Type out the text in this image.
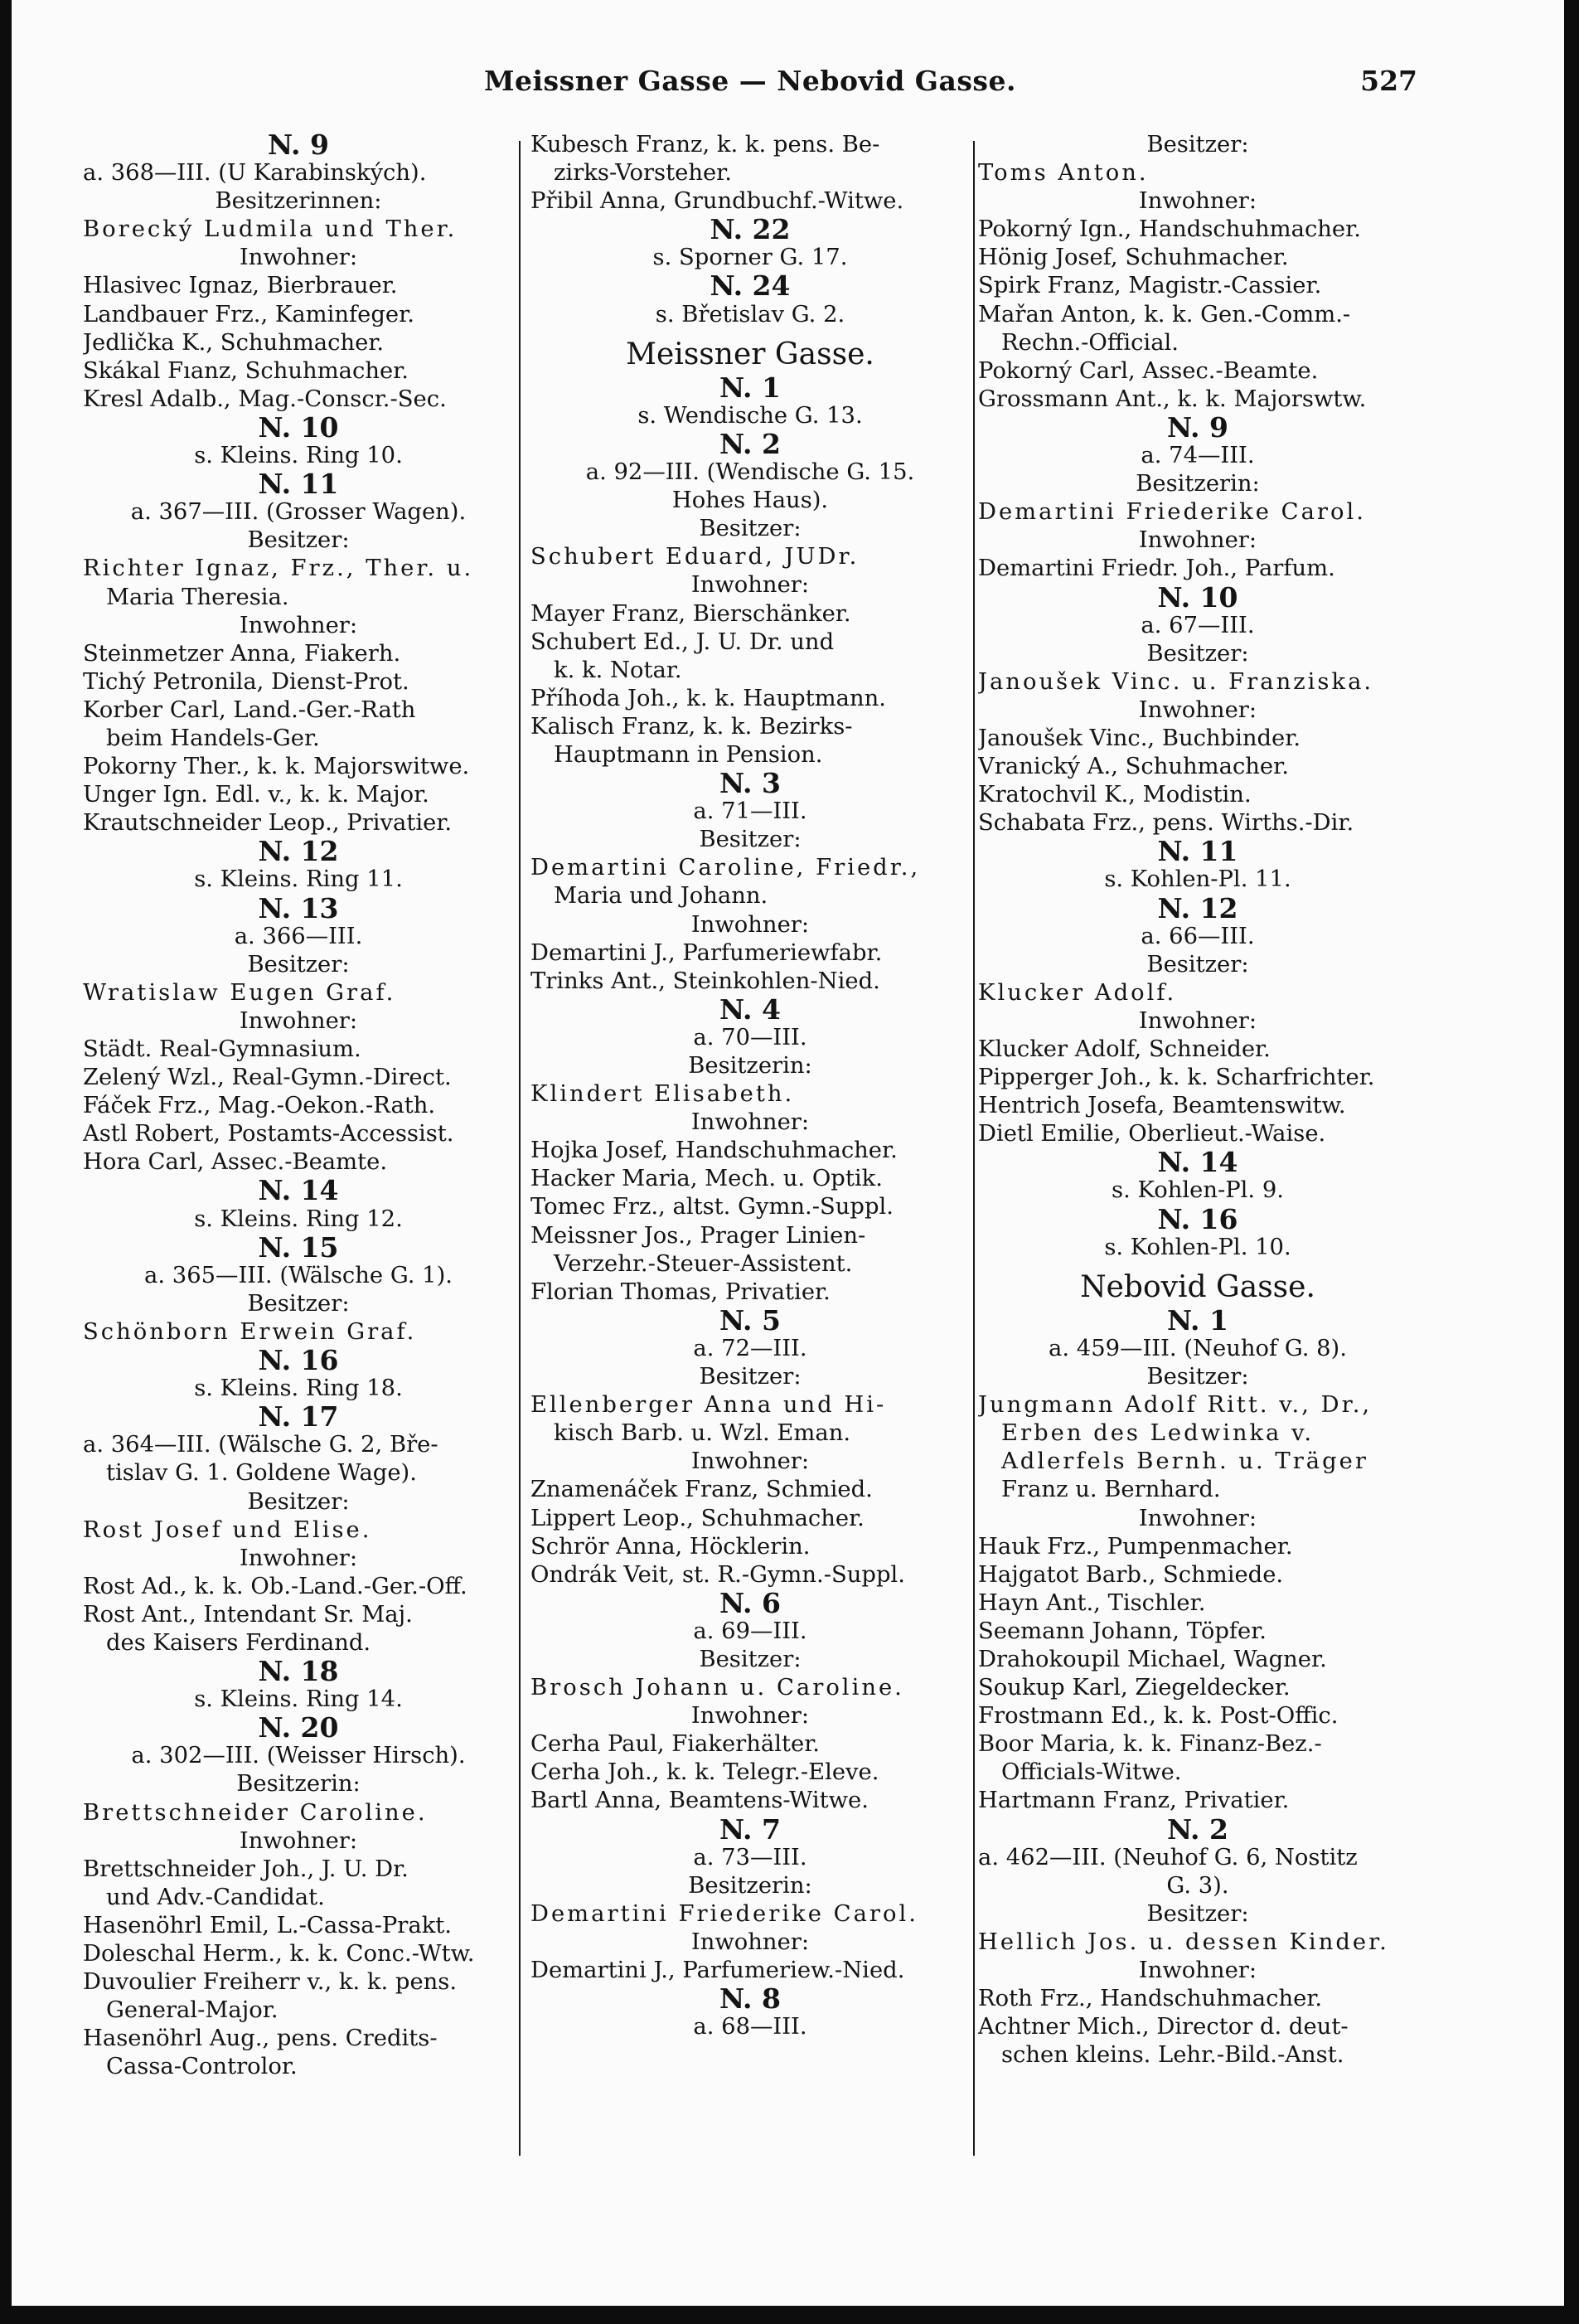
Meissner Gasse — Nebovid Gasse.	527
N. 9
a. 368—III. (U Karabinských).
Besitzerinnen:
Borecký Ludmila und Ther.
Inwohner:
Hlasivec Ignaz, Bierbrauer.
Landbauer Frz., Kaminfeger.
Jedlička K., Schuhmacher.
Skákal Fıanz, Schuhmacher.
Kresl Adalb., Mag.-Conscr.-Sec.
N. 10
s. Kleins. Ring 10.
N. 11
a. 367—III. (Grosser Wagen).
Besitzer:
Richter Ignaz, Frz., Ther. u.
Maria Theresia.
Inwohner:
Steinmetzer Anna, Fiakerh.
Tichý Petronila, Dienst-Prot.
Korber Carl, Land.-Ger.-Rath
beim Handels-Ger.
Pokorny Ther., k. k. Majorswitwe.
Unger Ign. Edl. v., k. k. Major.
Krautschneider Leop., Privatier.
N. 12
s. Kleins. Ring 11.
N. 13
a. 366—III.
Besitzer:
Wratislaw Eugen Graf.
Inwohner:
Städt. Real-Gymnasium.
Zelený Wzl., Real-Gymn.-Direct.
Fáček Frz., Mag.-Oekon.-Rath.
Astl Robert, Postamts-Accessist.
Hora Carl, Assec.-Beamte.
N. 14
s. Kleins. Ring 12.
N. 15
a. 365—III. (Wälsche G. 1).
Besitzer:
Schönborn Erwein Graf.
N. 16
s. Kleins. Ring 18.
N. 17
a. 364—III. (Wälsche G. 2, Bře-
tislav G. 1. Goldene Wage).
Besitzer:
Rost Josef und Elise.
Inwohner:
Rost Ad., k. k. Ob.-Land.-Ger.-Off.
Rost Ant., Intendant Sr. Maj.
des Kaisers Ferdinand.
N. 18
s. Kleins. Ring 14.
N. 20
a. 302—III. (Weisser Hirsch).
Besitzerin:
Brettschneider Caroline.
Inwohner:
Brettschneider Joh., J. U. Dr.
und Adv.-Candidat.
Hasenöhrl Emil, L.-Cassa-Prakt.
Doleschal Herm., k. k. Conc.-Wtw.
Duvoulier Freiherr v., k. k. pens.
General-Major.
Hasenöhrl Aug., pens. Credits-
Cassa-Controlor.
Kubesch Franz, k. k. pens. Be-
zirks-Vorsteher.
Přibil Anna, Grundbuchf.-Witwe.
N. 22
s. Sporner G. 17.
N. 24
s. Břetislav G. 2.
Meissner Gasse.
N. 1
s. Wendische G. 13.
N. 2
a. 92—III. (Wendische G. 15.
Hohes Haus).
Besitzer:
Schubert Eduard, JUDr.
Inwohner:
Mayer Franz, Bierschänker.
Schubert Ed., J. U. Dr. und
k. k. Notar.
Příhoda Joh., k. k. Hauptmann.
Kalisch Franz, k. k. Bezirks-
Hauptmann in Pension.
N. 3
a. 71—III.
Besitzer:
Demartini Caroline, Friedr.,
Maria und Johann.
Inwohner:
Demartini J., Parfumeriewfabr.
Trinks Ant., Steinkohlen-Nied.
N. 4
a. 70—III.
Besitzerin:
Klindert Elisabeth.
Inwohner:
Hojka Josef, Handschuhmacher.
Hacker Maria, Mech. u. Optik.
Tomec Frz., altst. Gymn.-Suppl.
Meissner Jos., Prager Linien-
Verzehr.-Steuer-Assistent.
Florian Thomas, Privatier.
N. 5
a. 72—III.
Besitzer:
Ellenberger Anna und Hi-
kisch Barb. u. Wzl. Eman.
Inwohner:
Znamenáček Franz, Schmied.
Lippert Leop., Schuhmacher.
Schrör Anna, Höcklerin.
Ondrák Veit, st. R.-Gymn.-Suppl.
N. 6
a. 69—III.
Besitzer:
Brosch Johann u. Caroline.
Inwohner:
Cerha Paul, Fiakerhälter.
Cerha Joh., k. k. Telegr.-Eleve.
Bartl Anna, Beamtens-Witwe.
N. 7
a. 73—III.
Besitzerin:
Demartini Friederike Carol.
Inwohner:
Demartini J., Parfumeriew.-Nied.
N. 8
a. 68—III.
Besitzer:
Toms Anton.
Inwohner:
Pokorný Ign., Handschuhmacher.
Hönig Josef, Schuhmacher.
Spirk Franz, Magistr.-Cassier.
Mařan Anton, k. k. Gen.-Comm.-
Rechn.-Official.
Pokorný Carl, Assec.-Beamte.
Grossmann Ant., k. k. Majorswtw.
N. 9
a. 74—III.
Besitzerin:
Demartini Friederike Carol.
Inwohner:
Demartini Friedr. Joh., Parfum.
N. 10
a. 67—III.
Besitzer:
Janoušek Vinc. u. Franziska.
Inwohner:
Janoušek Vinc., Buchbinder.
Vranický A., Schuhmacher.
Kratochvil K., Modistin.
Schabata Frz., pens. Wirths.-Dir.
N. 11
s. Kohlen-Pl. 11.
N. 12
a. 66—III.
Besitzer:
Klucker Adolf.
Inwohner:
Klucker Adolf, Schneider.
Pipperger Joh., k. k. Scharfrichter.
Hentrich Josefa, Beamtenswitw.
Dietl Emilie, Oberlieut.-Waise.
N. 14
s. Kohlen-Pl. 9.
N. 16
s. Kohlen-Pl. 10.
Nebovid Gasse.
N. 1
a. 459—III. (Neuhof G. 8).
Besitzer:
Jungmann Adolf Ritt. v., Dr.,
Erben des Ledwinka v.
Adlerfels Bernh. u. Träger
Franz u. Bernhard.
Inwohner:
Hauk Frz., Pumpenmacher.
Hajgatot Barb., Schmiede.
Hayn Ant., Tischler.
Seemann Johann, Töpfer.
Drahokoupil Michael, Wagner.
Soukup Karl, Ziegeldecker.
Frostmann Ed., k. k. Post-Offic.
Boor Maria, k. k. Finanz-Bez.-
Officials-Witwe.
Hartmann Franz, Privatier.
N. 2
a. 462—III. (Neuhof G. 6, Nostitz
G. 3).
Besitzer:
Hellich Jos. u. dessen Kinder.
Inwohner:
Roth Frz., Handschuhmacher.
Achtner Mich., Director d. deut-
schen kleins. Lehr.-Bild.-Anst.
